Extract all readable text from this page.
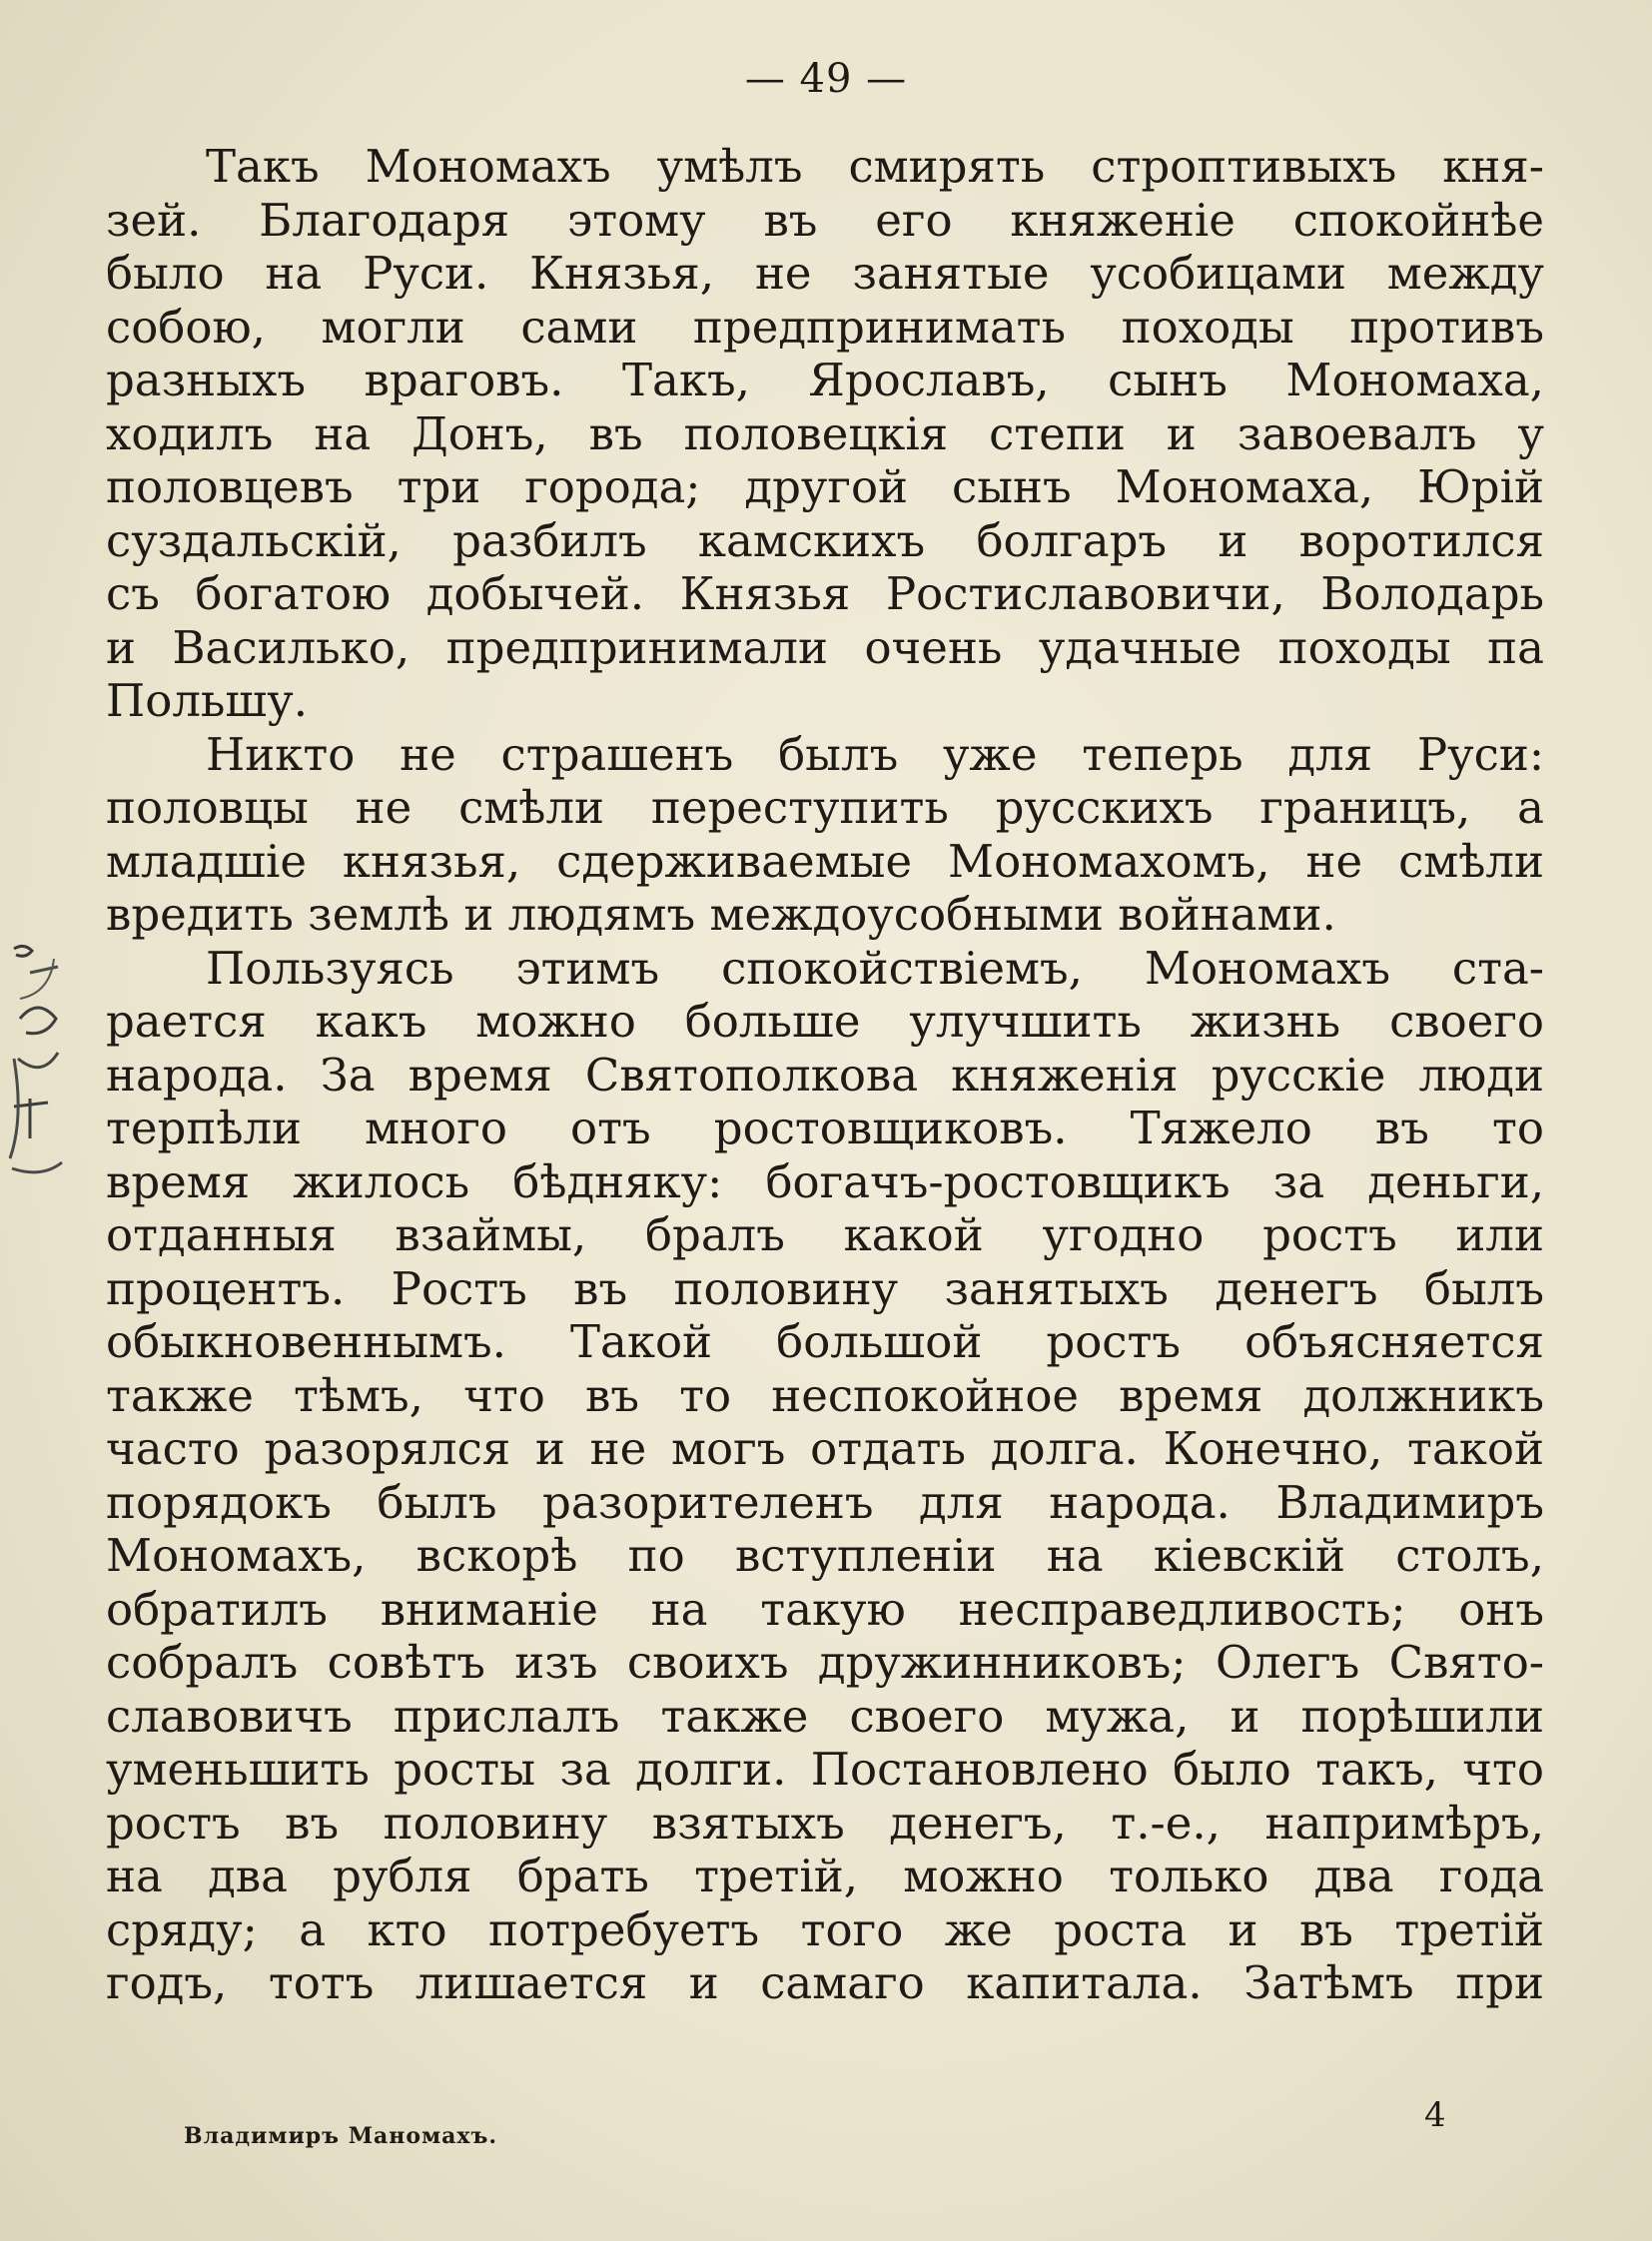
— 49 —
Такъ Мономахъ умѣлъ смирять строптивыхъ кня-
зей. Благодаря этому въ его княженіе спокойнѣе
было на Руси. Князья, не занятые усобицами между
собою, могли сами предпринимать походы противъ
разныхъ враговъ. Такъ, Ярославъ, сынъ Мономаха,
ходилъ на Донъ, въ половецкія степи и завоевалъ у
половцевъ три города; другой сынъ Мономаха, Юрій
суздальскій, разбилъ камскихъ болгаръ и воротился
съ богатою добычей. Князья Ростиславовичи, Володарь
и Василько, предпринимали очень удачные походы па
Польшу.
Никто не страшенъ былъ уже теперь для Руси:
половцы не смѣли переступить русскихъ границъ, а
младшіе князья, сдерживаемые Мономахомъ, не смѣли
вредить землѣ и людямъ междоусобными войнами.
Пользуясь этимъ спокойствіемъ, Мономахъ ста-
рается какъ можно больше улучшить жизнь своего
народа. За время Святополкова княженія русскіе люди
терпѣли много отъ ростовщиковъ. Тяжело въ то
время жилось бѣдняку: богачъ-ростовщикъ за деньги,
отданныя взаймы, бралъ какой угодно ростъ или
процентъ. Ростъ въ половину занятыхъ денегъ былъ
обыкновеннымъ. Такой большой ростъ объясняется
также тѣмъ, что въ то неспокойное время должникъ
часто разорялся и не могъ отдать долга. Конечно, такой
порядокъ былъ разорителенъ для народа. Владимиръ
Мономахъ, вскорѣ по вступленіи на кіевскій столъ,
обратилъ вниманіе на такую несправедливость; онъ
собралъ совѣтъ изъ своихъ дружинниковъ; Олегъ Свято-
славовичъ прислалъ также своего мужа, и порѣшили
уменьшить росты за долги. Постановлено было такъ, что
ростъ въ половину взятыхъ денегъ, т.-е., напримѣръ,
на два рубля брать третій, можно только два года
сряду; а кто потребуетъ того же роста и въ третій
годъ, тотъ лишается и самаго капитала. Затѣмъ при
Владимиръ Маномахъ.
4
